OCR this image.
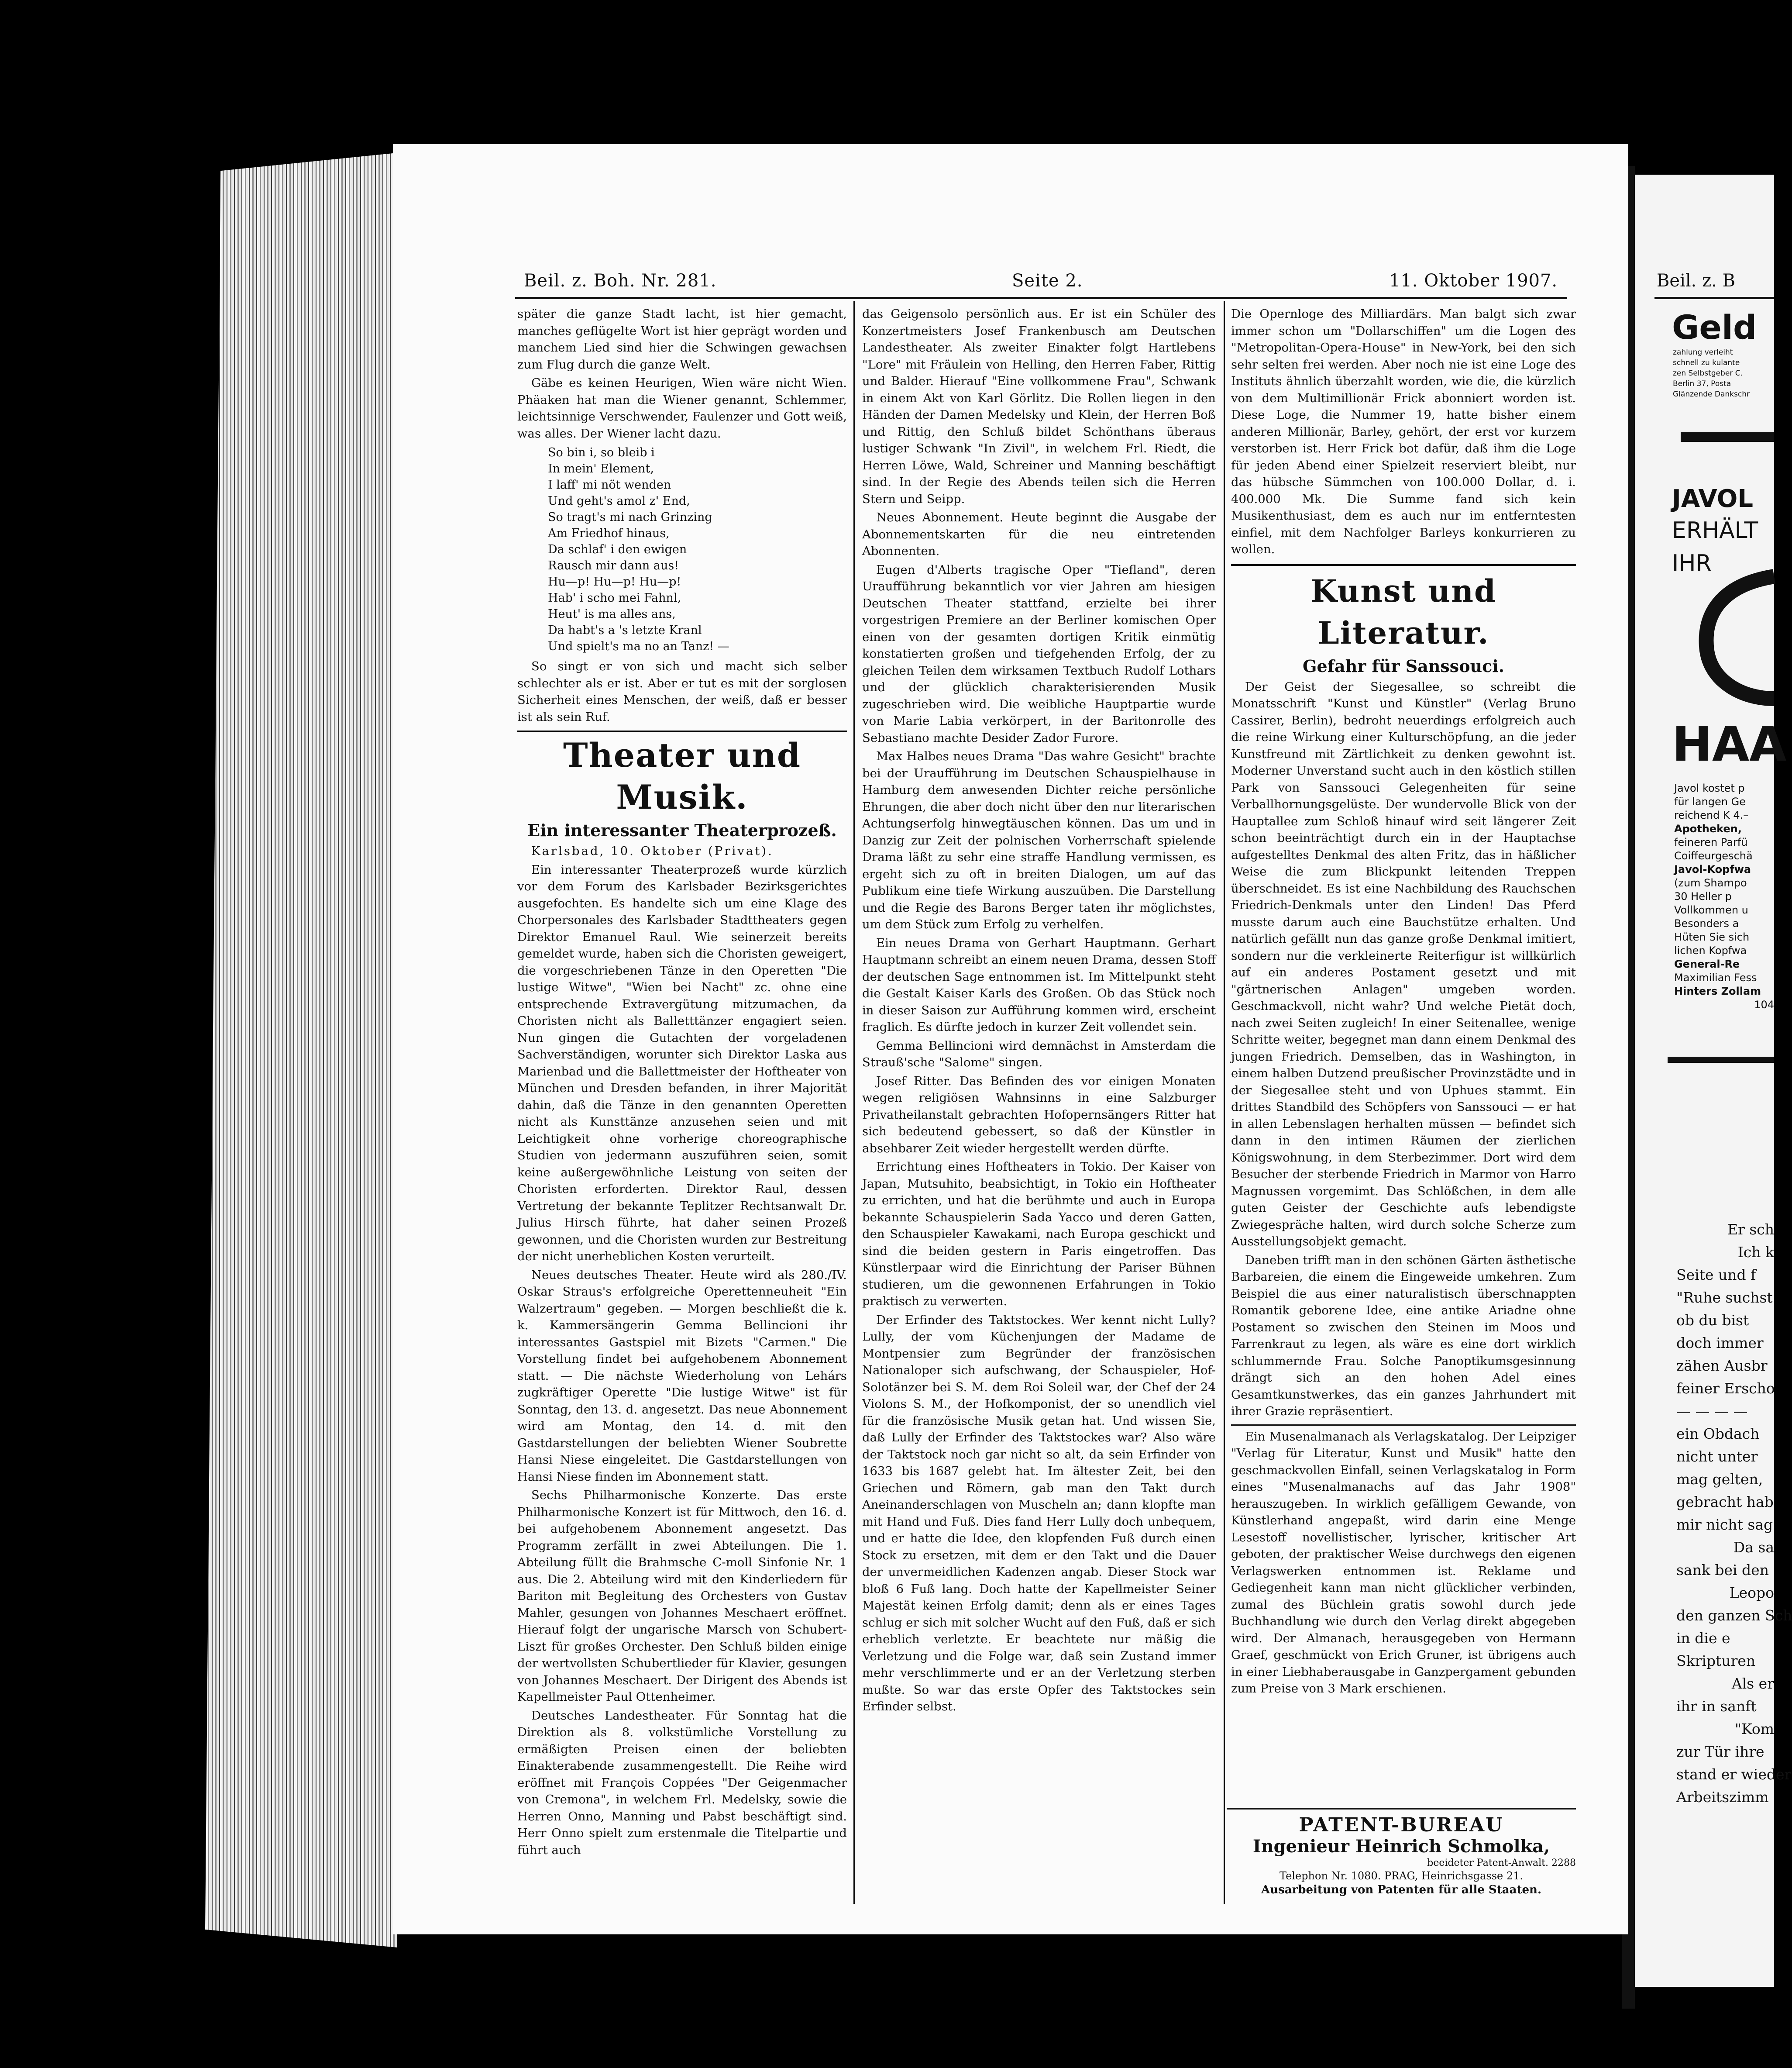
Beil. z. Boh. Nr. 281.	Seite 2.	11. Oktober 1907.

später die ganze Stadt lacht, ist hier gemacht, manches geflügelte Wort ist hier geprägt worden und manchem Lied sind hier die Schwingen gewachsen zum Flug durch die ganze Welt.

Gäbe es keinen Heurigen, Wien wäre nicht Wien. Phäaken hat man die Wiener genannt, Schlemmer, leichtsinnige Verschwender, Faulenzer und Gott weiß, was alles. Der Wiener lacht dazu.

So bin i, so bleib i
In mein' Element,
I laff' mi nöt wenden
Und geht's amol z' End,
So tragt's mi nach Grinzing
Am Friedhof hinaus,
Da schlaf' i den ewigen
Rausch mir dann aus!
Hu—p! Hu—p! Hu—p!
Hab' i scho mei Fahnl,
Heut' is ma alles ans,
Da habt's a 's letzte Kranl
Und spielt's ma no an Tanz! —

So singt er von sich und macht sich selber schlechter als er ist. Aber er tut es mit der sorglosen Sicherheit eines Menschen, der weiß, daß er besser ist als sein Ruf.

Theater und Musik.
Ein interessanter Theaterprozeß.

Karlsbad, 10. Oktober (Privat).

Ein interessanter Theaterprozeß wurde kürzlich vor dem Forum des Karlsbader Bezirksgerichtes ausgefochten. Es handelte sich um eine Klage des Chorpersonales des Karlsbader Stadttheaters gegen Direktor Emanuel Raul. Wie seinerzeit bereits gemeldet wurde, haben sich die Choristen geweigert, die vorgeschriebenen Tänze in den Operetten "Die lustige Witwe", "Wien bei Nacht" zc. ohne eine entsprechende Extravergütung mitzumachen, da Choristen nicht als Balletttänzer engagiert seien. Nun gingen die Gutachten der vorgeladenen Sachverständigen, worunter sich Direktor Laska aus Marienbad und die Ballettmeister der Hoftheater von München und Dresden befanden, in ihrer Majorität dahin, daß die Tänze in den genannten Operetten nicht als Kunsttänze anzusehen seien und mit Leichtigkeit ohne vorherige choreographische Studien von jedermann auszuführen seien, somit keine außergewöhnliche Leistung von seiten der Choristen erforderten. Direktor Raul, dessen Vertretung der bekannte Teplitzer Rechtsanwalt Dr. Julius Hirsch führte, hat daher seinen Prozeß gewonnen, und die Choristen wurden zur Bestreitung der nicht unerheblichen Kosten verurteilt.

Neues deutsches Theater. Heute wird als 280./IV. Oskar Straus's erfolgreiche Operettenneuheit "Ein Walzertraum" gegeben. — Morgen beschließt die k. k. Kammersängerin Gemma Bellincioni ihr interessantes Gastspiel mit Bizets "Carmen." Die Vorstellung findet bei aufgehobenem Abonnement statt. — Die nächste Wiederholung von Lehárs zugkräftiger Operette "Die lustige Witwe" ist für Sonntag, den 13. d. angesetzt. Das neue Abonnement wird am Montag, den 14. d. mit den Gastdarstellungen der beliebten Wiener Soubrette Hansi Niese eingeleitet. Die Gastdarstellungen von Hansi Niese finden im Abonnement statt.

Sechs Philharmonische Konzerte. Das erste Philharmonische Konzert ist für Mittwoch, den 16. d. bei aufgehobenem Abonnement angesetzt. Das Programm zerfällt in zwei Abteilungen. Die 1. Abteilung füllt die Brahmsche C-moll Sinfonie Nr. 1 aus. Die 2. Abteilung wird mit den Kinderliedern für Bariton mit Begleitung des Orchesters von Gustav Mahler, gesungen von Johannes Meschaert eröffnet. Hierauf folgt der ungarische Marsch von Schubert-Liszt für großes Orchester. Den Schluß bilden einige der wertvollsten Schubertlieder für Klavier, gesungen von Johannes Meschaert. Der Dirigent des Abends ist Kapellmeister Paul Ottenheimer.

Deutsches Landestheater. Für Sonntag hat die Direktion als 8. volkstümliche Vorstellung zu ermäßigten Preisen einen der beliebten Einakterabende zusammengestellt. Die Reihe wird eröffnet mit François Coppées "Der Geigenmacher von Cremona", in welchem Frl. Medelsky, sowie die Herren Onno, Manning und Pabst beschäftigt sind. Herr Onno spielt zum erstenmale die Titelpartie und führt auch

das Geigensolo persönlich aus. Er ist ein Schüler des Konzertmeisters Josef Frankenbusch am Deutschen Landestheater. Als zweiter Einakter folgt Hartlebens "Lore" mit Fräulein von Helling, den Herren Faber, Rittig und Balder. Hierauf "Eine vollkommene Frau", Schwank in einem Akt von Karl Görlitz. Die Rollen liegen in den Händen der Damen Medelsky und Klein, der Herren Boß und Rittig, den Schluß bildet Schönthans überaus lustiger Schwank "In Zivil", in welchem Frl. Riedt, die Herren Löwe, Wald, Schreiner und Manning beschäftigt sind. In der Regie des Abends teilen sich die Herren Stern und Seipp.

Neues Abonnement. Heute beginnt die Ausgabe der Abonnementskarten für die neu eintretenden Abonnenten.

Eugen d'Alberts tragische Oper "Tiefland", deren Uraufführung bekanntlich vor vier Jahren am hiesigen Deutschen Theater stattfand, erzielte bei ihrer vorgestrigen Premiere an der Berliner komischen Oper einen von der gesamten dortigen Kritik einmütig konstatierten großen und tiefgehenden Erfolg, der zu gleichen Teilen dem wirksamen Textbuch Rudolf Lothars und der glücklich charakterisierenden Musik zugeschrieben wird. Die weibliche Hauptpartie wurde von Marie Labia verkörpert, in der Baritonrolle des Sebastiano machte Desider Zador Furore.

Max Halbes neues Drama "Das wahre Gesicht" brachte bei der Uraufführung im Deutschen Schauspielhause in Hamburg dem anwesenden Dichter reiche persönliche Ehrungen, die aber doch nicht über den nur literarischen Achtungserfolg hinwegtäuschen können. Das um und in Danzig zur Zeit der polnischen Vorherrschaft spielende Drama läßt zu sehr eine straffe Handlung vermissen, es ergeht sich zu oft in breiten Dialogen, um auf das Publikum eine tiefe Wirkung auszuüben. Die Darstellung und die Regie des Barons Berger taten ihr möglichstes, um dem Stück zum Erfolg zu verhelfen.

Ein neues Drama von Gerhart Hauptmann. Gerhart Hauptmann schreibt an einem neuen Drama, dessen Stoff der deutschen Sage entnommen ist. Im Mittelpunkt steht die Gestalt Kaiser Karls des Großen. Ob das Stück noch in dieser Saison zur Aufführung kommen wird, erscheint fraglich. Es dürfte jedoch in kurzer Zeit vollendet sein.

Gemma Bellincioni wird demnächst in Amsterdam die Strauß'sche "Salome" singen.

Josef Ritter. Das Befinden des vor einigen Monaten wegen religiösen Wahnsinns in eine Salzburger Privatheilanstalt gebrachten Hofopernsängers Ritter hat sich bedeutend gebessert, so daß der Künstler in absehbarer Zeit wieder hergestellt werden dürfte.

Errichtung eines Hoftheaters in Tokio. Der Kaiser von Japan, Mutsuhito, beabsichtigt, in Tokio ein Hoftheater zu errichten, und hat die berühmte und auch in Europa bekannte Schauspielerin Sada Yacco und deren Gatten, den Schauspieler Kawakami, nach Europa geschickt und sind die beiden gestern in Paris eingetroffen. Das Künstlerpaar wird die Einrichtung der Pariser Bühnen studieren, um die gewonnenen Erfahrungen in Tokio praktisch zu verwerten.

Der Erfinder des Taktstockes. Wer kennt nicht Lully? Lully, der vom Küchenjungen der Madame de Montpensier zum Begründer der französischen Nationaloper sich aufschwang, der Schauspieler, Hof-Solotänzer bei S. M. dem Roi Soleil war, der Chef der 24 Violons S. M., der Hofkomponist, der so unendlich viel für die französische Musik getan hat. Und wissen Sie, daß Lully der Erfinder des Taktstockes war? Also wäre der Taktstock noch gar nicht so alt, da sein Erfinder von 1633 bis 1687 gelebt hat. Im ältester Zeit, bei den Griechen und Römern, gab man den Takt durch Aneinanderschlagen von Muscheln an; dann klopfte man mit Hand und Fuß. Dies fand Herr Lully doch unbequem, und er hatte die Idee, den klopfenden Fuß durch einen Stock zu ersetzen, mit dem er den Takt und die Dauer der unvermeidlichen Kadenzen angab. Dieser Stock war bloß 6 Fuß lang. Doch hatte der Kapellmeister Seiner Majestät keinen Erfolg damit; denn als er eines Tages schlug er sich mit solcher Wucht auf den Fuß, daß er sich erheblich verletzte. Er beachtete nur mäßig die Verletzung und die Folge war, daß sein Zustand immer mehr verschlimmerte und er an der Verletzung sterben mußte. So war das erste Opfer des Taktstockes sein Erfinder selbst.

Die Opernloge des Milliardärs. Man balgt sich zwar immer schon um "Dollarschiffen" um die Logen des "Metropolitan-Opera-House" in New-York, bei den sich sehr selten frei werden. Aber noch nie ist eine Loge des Instituts ähnlich überzahlt worden, wie die, die kürzlich von dem Multimillionär Frick abonniert worden ist. Diese Loge, die Nummer 19, hatte bisher einem anderen Millionär, Barley, gehört, der erst vor kurzem verstorben ist. Herr Frick bot dafür, daß ihm die Loge für jeden Abend einer Spielzeit reserviert bleibt, nur das hübsche Sümmchen von 100.000 Dollar, d. i. 400.000 Mk. Die Summe fand sich kein Musikenthusiast, dem es auch nur im entferntesten einfiel, mit dem Nachfolger Barleys konkurrieren zu wollen.

Kunst und Literatur.
Gefahr für Sanssouci.

Der Geist der Siegesallee, so schreibt die Monatsschrift "Kunst und Künstler" (Verlag Bruno Cassirer, Berlin), bedroht neuerdings erfolgreich auch die reine Wirkung einer Kulturschöpfung, an die jeder Kunstfreund mit Zärtlichkeit zu denken gewohnt ist. Moderner Unverstand sucht auch in den köstlich stillen Park von Sanssouci Gelegenheiten für seine Verballhornungsgelüste. Der wundervolle Blick von der Hauptallee zum Schloß hinauf wird seit längerer Zeit schon beeinträchtigt durch ein in der Hauptachse aufgestelltes Denkmal des alten Fritz, das in häßlicher Weise die zum Blickpunkt leitenden Treppen überschneidet. Es ist eine Nachbildung des Rauchschen Friedrich-Denkmals unter den Linden! Das Pferd musste darum auch eine Bauchstütze erhalten. Und natürlich gefällt nun das ganze große Denkmal imitiert, sondern nur die verkleinerte Reiterfigur ist willkürlich auf ein anderes Postament gesetzt und mit "gärtnerischen Anlagen" umgeben worden. Geschmackvoll, nicht wahr? Und welche Pietät doch, nach zwei Seiten zugleich! In einer Seitenallee, wenige Schritte weiter, begegnet man dann einem Denkmal des jungen Friedrich. Demselben, das in Washington, in einem halben Dutzend preußischer Provinzstädte und in der Siegesallee steht und von Uphues stammt. Ein drittes Standbild des Schöpfers von Sanssouci — er hat in allen Lebenslagen herhalten müssen — befindet sich dann in den intimen Räumen der zierlichen Königswohnung, in dem Sterbezimmer. Dort wird dem Besucher der sterbende Friedrich in Marmor von Harro Magnussen vorgemimt. Das Schlößchen, in dem alle guten Geister der Geschichte aufs lebendigste Zwiegespräche halten, wird durch solche Scherze zum Ausstellungsobjekt gemacht.

Daneben trifft man in den schönen Gärten ästhetische Barbareien, die einem die Eingeweide umkehren. Zum Beispiel die aus einer naturalistisch überschnappten Romantik geborene Idee, eine antike Ariadne ohne Postament so zwischen den Steinen im Moos und Farrenkraut zu legen, als wäre es eine dort wirklich schlummernde Frau. Solche Panoptikumsgesinnung drängt sich an den hohen Adel eines Gesamtkunstwerkes, das ein ganzes Jahrhundert mit ihrer Grazie repräsentiert.

Ein Musenalmanach als Verlagskatalog. Der Leipziger "Verlag für Literatur, Kunst und Musik" hatte den geschmackvollen Einfall, seinen Verlagskatalog in Form eines "Musenalmanachs auf das Jahr 1908" herauszugeben. In wirklich gefälligem Gewande, von Künstlerhand angepaßt, wird darin eine Menge Lesestoff novellistischer, lyrischer, kritischer Art geboten, der praktischer Weise durchwegs den eigenen Verlagswerken entnommen ist. Reklame und Gediegenheit kann man nicht glücklicher verbinden, zumal des Büchlein gratis sowohl durch jede Buchhandlung wie durch den Verlag direkt abgegeben wird. Der Almanach, herausgegeben von Hermann Graef, geschmückt von Erich Gruner, ist übrigens auch in einer Liebhaberausgabe in Ganzpergament gebunden zum Preise von 3 Mark erschienen.

PATENT-BUREAU
Ingenieur Heinrich Schmolka,
beeideter Patent-Anwalt. 2288
Telephon Nr. 1080. PRAG, Heinrichsgasse 21.
Ausarbeitung von Patenten für alle Staaten.
Beil. z. B
Geld
zahlung verleiht
schnell zu kulante
zen Selbstgeber C.
Berlin 37, Posta
Glänzende Dankschr
JAVOL
ERHÄLT
IHR
HAA
Javol kostet p
für langen Ge
reichend K 4.–
Apotheken,
feineren Parfü
Coiffeurgeschä
Javol-Kopfwa
(zum Shampo
30 Heller p
Vollkommen u
Besonders a
Hüten Sie sich
lichen Kopfwa
General-Re
Maximilian Fess
Hinters Zollam
104
Er sch
Ich k
Seite und f
"Ruhe suchst
ob du bist
doch immer
zähen Ausbr
feiner Erscho
— — — —
ein Obdach
nicht unter
mag gelten,
gebracht hab
mir nicht sag
Da sa
sank bei den
Leopo
den ganzen Sch
in die e
Skripturen
Als er
ihr in sanft
"Kom
zur Tür ihre
stand er wieder
Arbeitszimm
